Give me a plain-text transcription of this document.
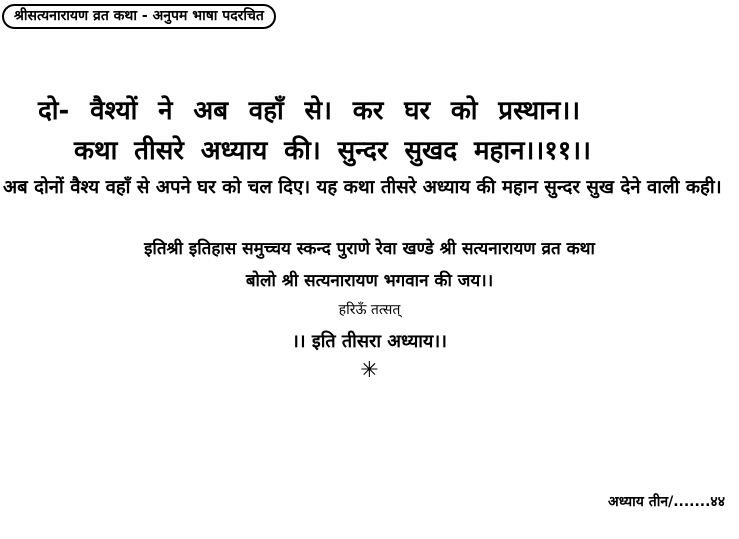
श्रीसत्यनारायण व्रत कथा - अनुपम भाषा पदरचित
दो- वैश्यों ने अब वहाँ से। कर घर को प्रस्थान।।
कथा तीसरे अध्याय की। सुन्दर सुखद महान।।११।।
अब दोनों वैश्य वहाँ से अपने घर को चल दिए। यह कथा तीसरे अध्याय की महान सुन्दर सुख देने वाली कही।
इतिश्री इतिहास समुच्चय स्कन्द पुराणे रेवा खण्डे श्री सत्यनारायण व्रत कथा
बोलो श्री सत्यनारायण भगवान की जय।।
हरिऊँ तत्सत्
।। इति तीसरा अध्याय।।
✳
अध्याय तीन/.......४४
